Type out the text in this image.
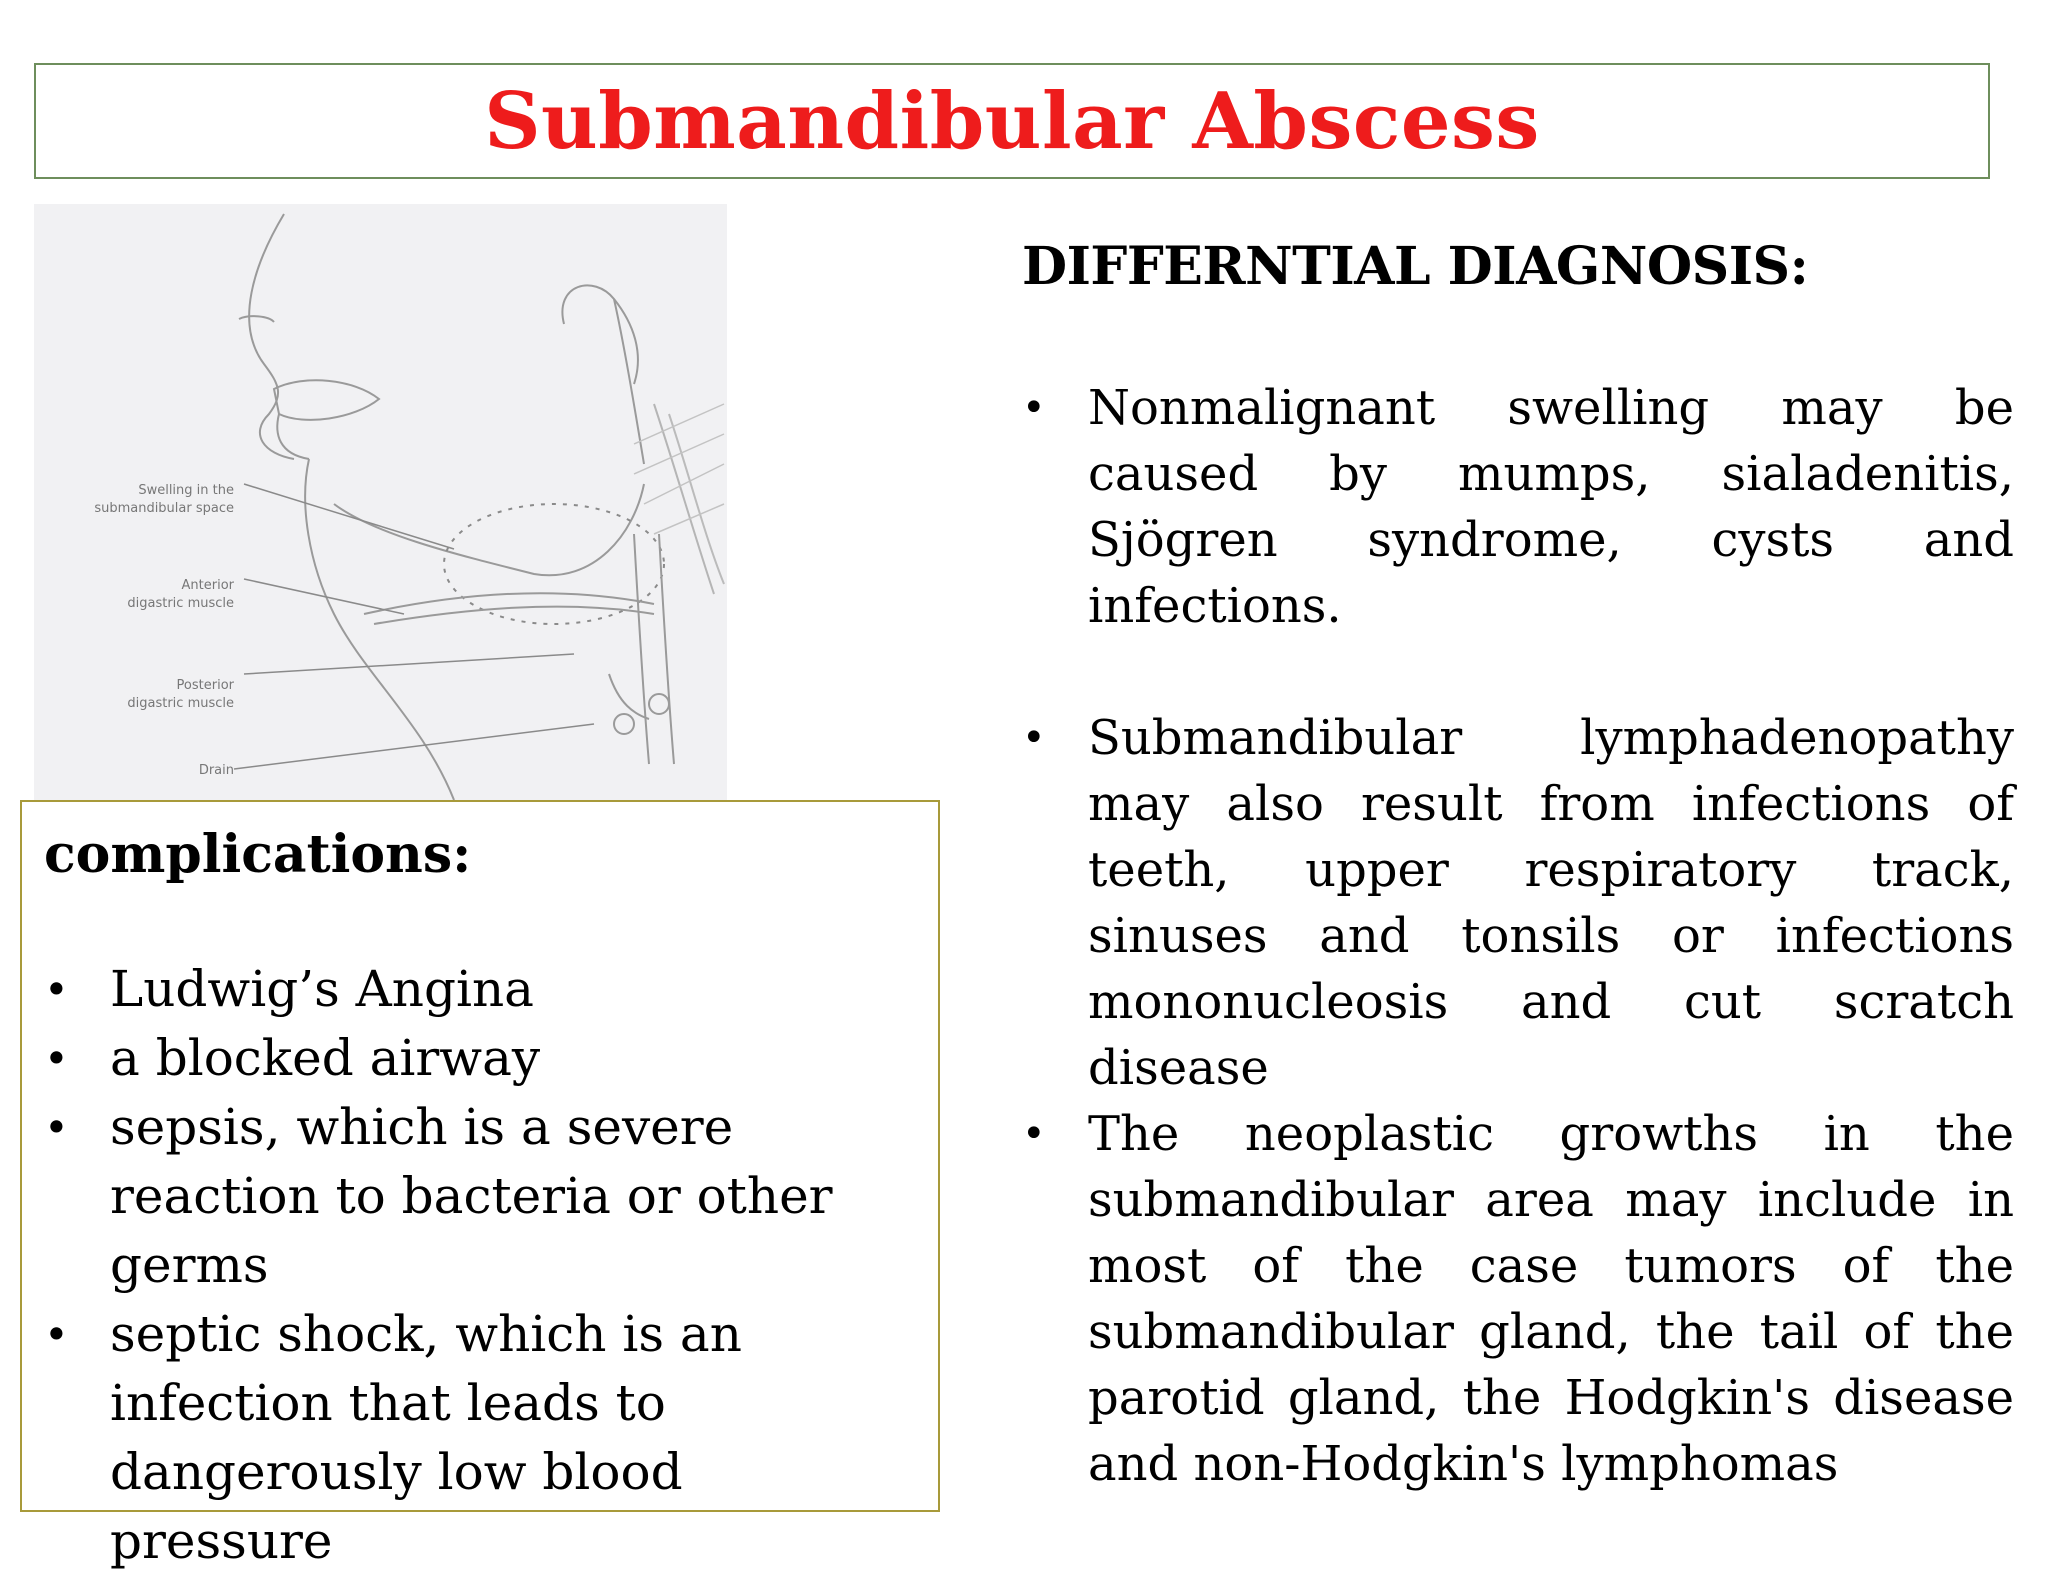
Submandibular Abscess
Swelling in the
submandibular space
Anterior
digastric muscle
Posterior
digastric muscle
Drain
DIFFERNTIAL DIAGNOSIS:
• Nonmalignant swelling may be caused by mumps, sialadenitis, Sjögren syndrome, cysts and infections.
• Submandibular lymphadenopathy may also result from infections of teeth, upper respiratory track, sinuses and tonsils or infections mononucleosis and cut scratch disease
• The neoplastic growths in the submandibular area may include in most of the case tumors of the submandibular gland, the tail of the parotid gland, the Hodgkin's disease and non-Hodgkin's lymphomas
complications:
• Ludwig’s Angina
• a blocked airway
• sepsis, which is a severe reaction to bacteria or other germs
• septic shock, which is an infection that leads to dangerously low blood pressure
